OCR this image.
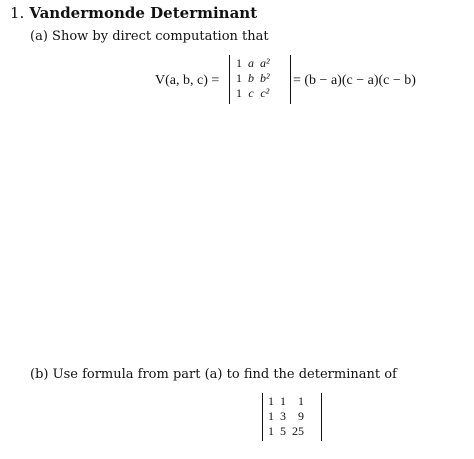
1. Vandermonde Determinant
(a) Show by direct computation that
V(a, b, c) =
1	a	a²
1	b	b²
1	c	c²
= (b − a)(c − a)(c − b)
(b) Use formula from part (a) to find the determinant of
1	1	1
1	3	9
1	5	25
